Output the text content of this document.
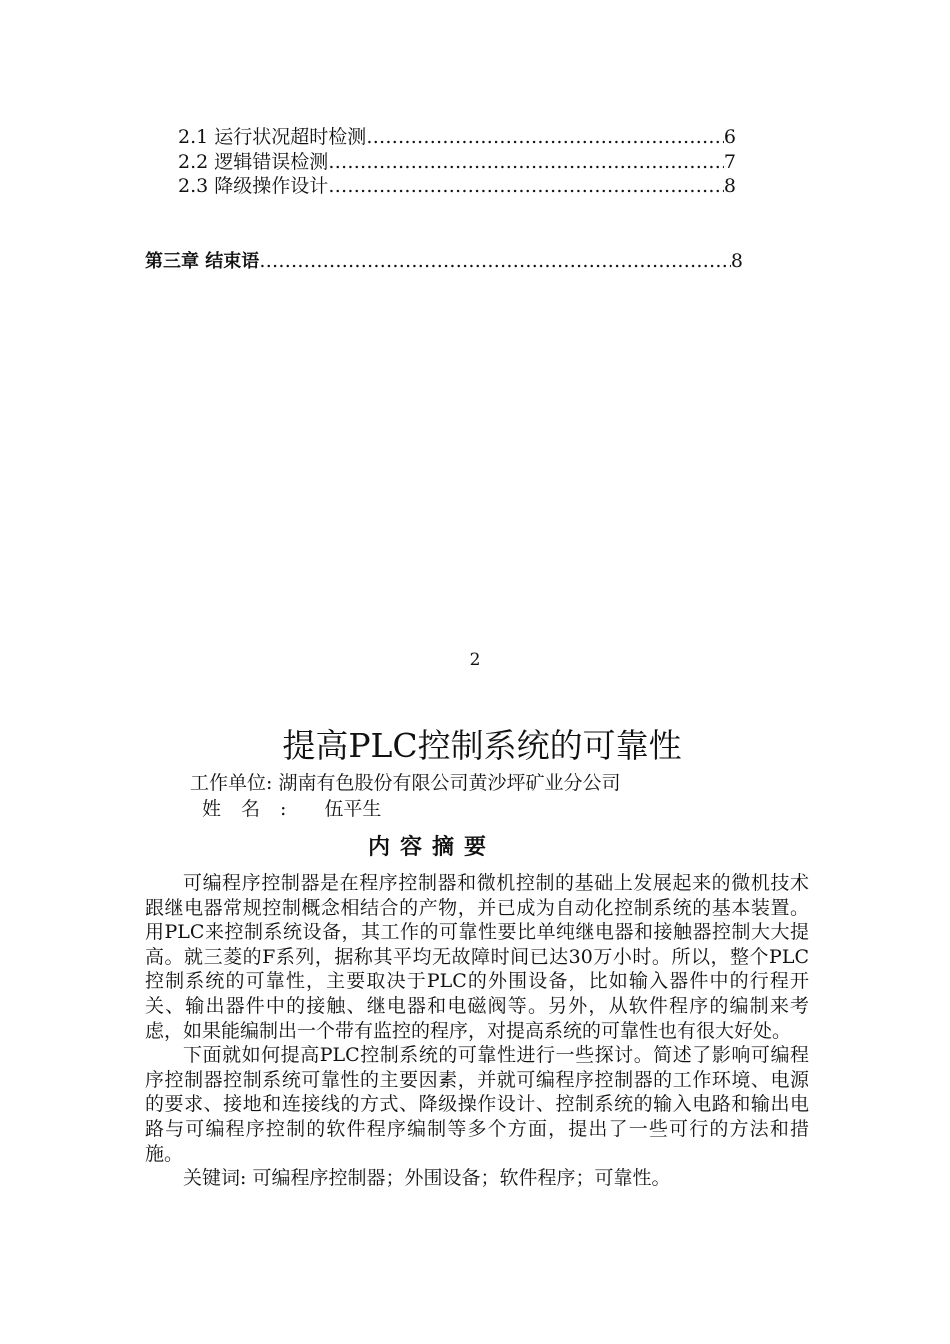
2.1 运行状况超时检测 …………………………………………………………………………………………………………………………………………………………………………	6
2.2 逻辑错误检测 …………………………………………………………………………………………………………………………………………………………………………	7
2.3 降级操作设计 …………………………………………………………………………………………………………………………………………………………………………	8
第三章 结束语 …………………………………………………………………………………………………………………………………………………………………………	8
2
提高PLC控制系统的可靠性
工作单位: 湖南有色股份有限公司黄沙坪矿业分公司
姓名: 伍平生
内容摘要

可编程序控制器是在程序控制器和微机控制的基础上发展起来的微机技术跟继电器常规控制概念相结合的产物，并已成为自动化控制系统的基本装置。用PLC来控制系统设备，其工作的可靠性要比单纯继电器和接触器控制大大提高。就三菱的F系列，据称其平均无故障时间已达30万小时。所以，整个PLC控制系统的可靠性，主要取决于PLC的外围设备，比如输入器件中的行程开关、输出器件中的接触、继电器和电磁阀等。另外，从软件程序的编制来考虑，如果能编制出一个带有监控的程序，对提高系统的可靠性也有很大好处。

下面就如何提高PLC控制系统的可靠性进行一些探讨。简述了影响可编程序控制器控制系统可靠性的主要因素，并就可编程序控制器的工作环境、电源的要求、接地和连接线的方式、降级操作设计、控制系统的输入电路和输出电路与可编程序控制的软件程序编制等多个方面，提出了一些可行的方法和措施。

关键词: 可编程序控制器；外围设备；软件程序；可靠性。
